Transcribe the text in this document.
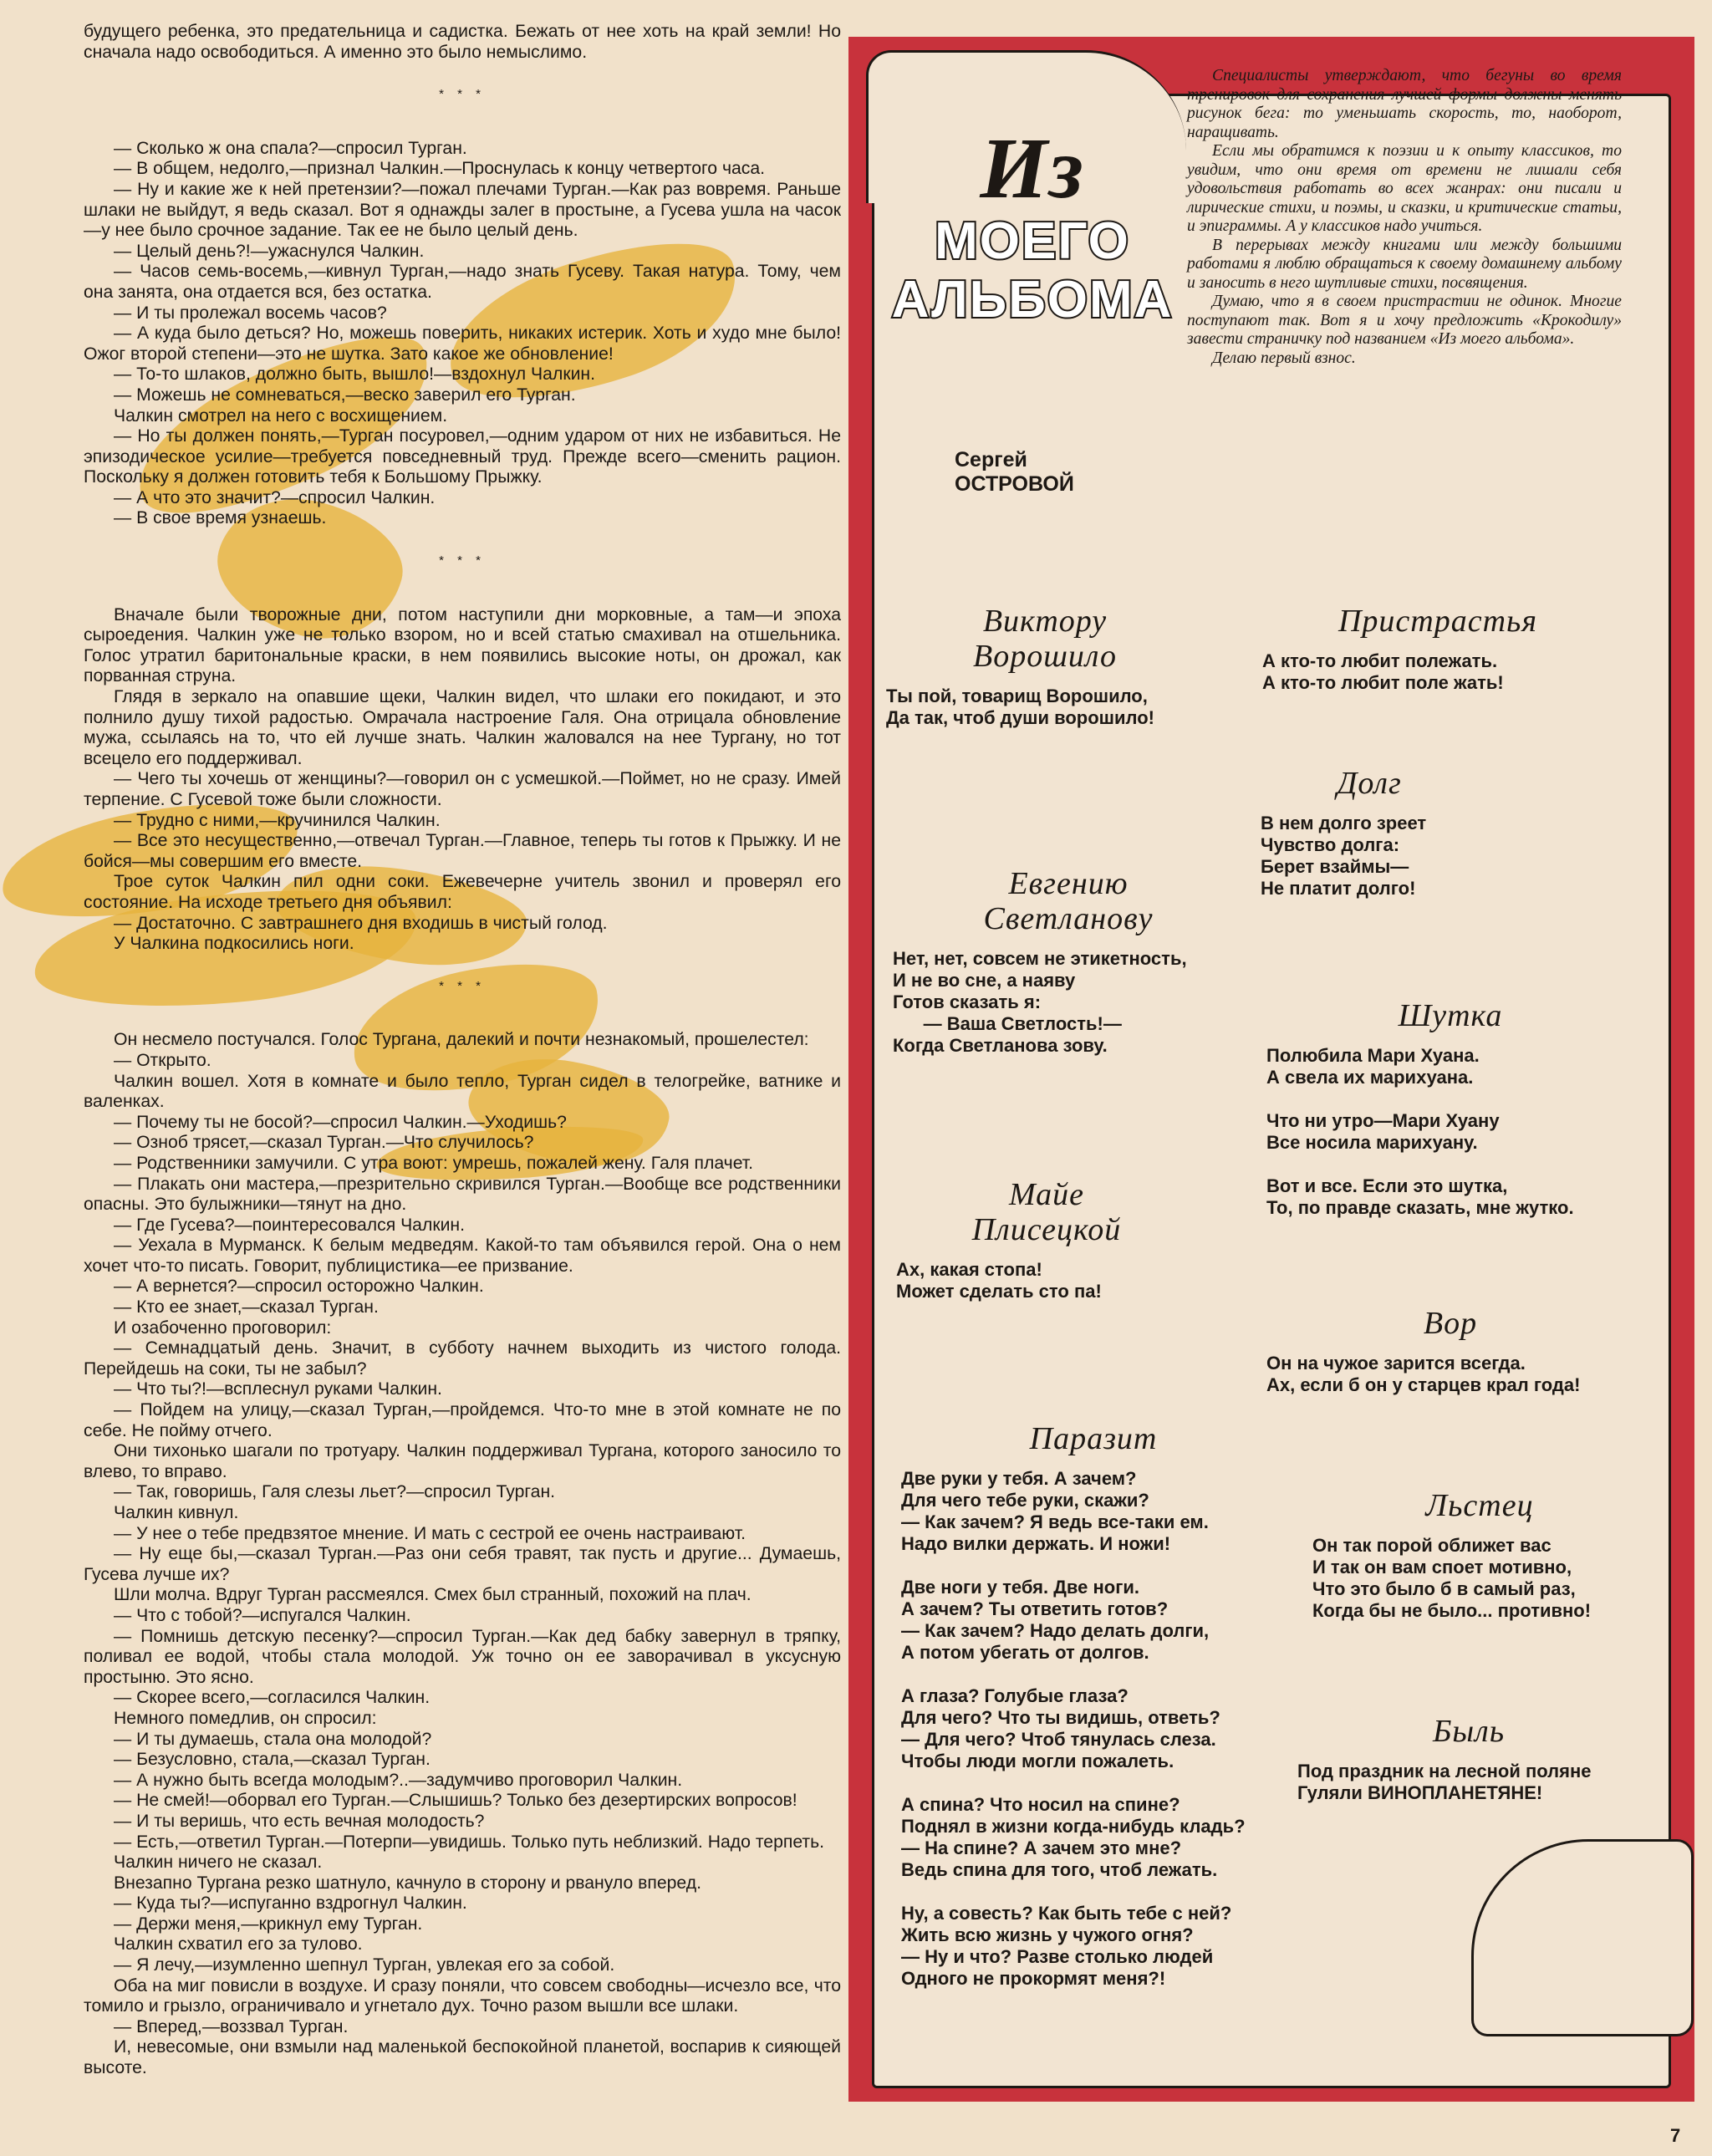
будущего ребенка, это предательница и садистка. Бежать от нее хоть на край земли! Но сначала надо освободиться. А именно это было немыслимо.

* * *

— Сколько ж она спала?—спросил Турган.

— В общем, недолго,—признал Чалкин.—Проснулась к концу четвертого часа.

— Ну и какие же к ней претензии?—пожал плечами Турган.—Как раз вовремя. Раньше шлаки не выйдут, я ведь сказал. Вот я однажды залег в простыне, а Гусева ушла на часок—у нее было срочное задание. Так ее не было целый день.

— Целый день?!—ужаснулся Чалкин.

— Часов семь-восемь,—кивнул Турган,—надо знать Гусеву. Такая натура. Тому, чем она занята, она отдается вся, без остатка.

— И ты пролежал восемь часов?

— А куда было деться? Но, можешь поверить, никаких истерик. Хоть и худо мне было! Ожог второй степени—это не шутка. Зато какое же обновление!

— То-то шлаков, должно быть, вышло!—вздохнул Чалкин.

— Можешь не сомневаться,—веско заверил его Турган.

Чалкин смотрел на него с восхищением.

— Но ты должен понять,—Турган посуровел,—одним ударом от них не избавиться. Не эпизодическое усилие—требуется повседневный труд. Прежде всего—сменить рацион. Поскольку я должен готовить тебя к Большому Прыжку.

— А что это значит?—спросил Чалкин.

— В свое время узнаешь.

* * *

Вначале были творожные дни, потом наступили дни морковные, а там—и эпоха сыроедения. Чалкин уже не только взором, но и всей статью смахивал на отшельника. Голос утратил баритональные краски, в нем появились высокие ноты, он дрожал, как порванная струна.

Глядя в зеркало на опавшие щеки, Чалкин видел, что шлаки его покидают, и это полнило душу тихой радостью. Омрачала настроение Галя. Она отрицала обновление мужа, ссылаясь на то, что ей лучше знать. Чалкин жаловался на нее Тургану, но тот всецело его поддерживал.

— Чего ты хочешь от женщины?—говорил он с усмешкой.—Поймет, но не сразу. Имей терпение. С Гусевой тоже были сложности.

— Трудно с ними,—кручинился Чалкин.

— Все это несущественно,—отвечал Турган.—Главное, теперь ты готов к Прыжку. И не бойся—мы совершим его вместе.

Трое суток Чалкин пил одни соки. Ежевечерне учитель звонил и проверял его состояние. На исходе третьего дня объявил:

— Достаточно. С завтрашнего дня входишь в чистый голод.

У Чалкина подкосились ноги.

* * *

Он несмело постучался. Голос Тургана, далекий и почти незнакомый, прошелестел:

— Открыто.

Чалкин вошел. Хотя в комнате и было тепло, Турган сидел в телогрейке, ватнике и валенках.

— Почему ты не босой?—спросил Чалкин.—Уходишь?

— Озноб трясет,—сказал Турган.—Что случилось?

— Родственники замучили. С утра воют: умрешь, пожалей жену. Галя плачет.

— Плакать они мастера,—презрительно скривился Турган.—Вообще все родственники опасны. Это булыжники—тянут на дно.

— Где Гусева?—поинтересовался Чалкин.

— Уехала в Мурманск. К белым медведям. Какой-то там объявился герой. Она о нем хочет что-то писать. Говорит, публицистика—ее призвание.

— А вернется?—спросил осторожно Чалкин.

— Кто ее знает,—сказал Турган.

И озабоченно проговорил:

— Семнадцатый день. Значит, в субботу начнем выходить из чистого голода. Перейдешь на соки, ты не забыл?

— Что ты?!—всплеснул руками Чалкин.

— Пойдем на улицу,—сказал Турган,—пройдемся. Что-то мне в этой комнате не по себе. Не пойму отчего.

Они тихонько шагали по тротуару. Чалкин поддерживал Тургана, которого заносило то влево, то вправо.

— Так, говоришь, Галя слезы льет?—спросил Турган.

Чалкин кивнул.

— У нее о тебе предвзятое мнение. И мать с сестрой ее очень настраивают.

— Ну еще бы,—сказал Турган.—Раз они себя травят, так пусть и другие... Думаешь, Гусева лучше их?

Шли молча. Вдруг Турган рассмеялся. Смех был странный, похожий на плач.

— Что с тобой?—испугался Чалкин.

— Помнишь детскую песенку?—спросил Турган.—Как дед бабку завернул в тряпку, поливал ее водой, чтобы стала молодой. Уж точно он ее заворачивал в уксусную простыню. Это ясно.

— Скорее всего,—согласился Чалкин.

Немного помедлив, он спросил:

— И ты думаешь, стала она молодой?

— Безусловно, стала,—сказал Турган.

— А нужно быть всегда молодым?..—задумчиво проговорил Чалкин.

— Не смей!—оборвал его Турган.—Слышишь? Только без дезертирских вопросов!

— И ты веришь, что есть вечная молодость?

— Есть,—ответил Турган.—Потерпи—увидишь. Только путь неблизкий. Надо терпеть.

Чалкин ничего не сказал.

Внезапно Тургана резко шатнуло, качнуло в сторону и рвануло вперед.

— Куда ты?—испуганно вздрогнул Чалкин.

— Держи меня,—крикнул ему Турган.

Чалкин схватил его за тулово.

— Я лечу,—изумленно шепнул Турган, увлекая его за собой.

Оба на миг повисли в воздухе. И сразу поняли, что совсем свободны—исчезло все, что томило и грызло, ограничивало и угнетало дух. Точно разом вышли все шлаки.

— Вперед,—воззвал Турган.

И, невесомые, они взмыли над маленькой беспокойной планетой, воспарив к сияющей высоте.

Из
МОЕГО
АЛЬБОМА
Сергей
ОСТРОВОЙ

Специалисты утверждают, что бегуны во время тренировок для сохранения лучшей формы должны менять рисунок бега: то уменьшать скорость, то, наоборот, наращивать.

Если мы обратимся к поэзии и к опыту классиков, то увидим, что они время от времени не лишали себя удовольствия работать во всех жанрах: они писали и лирические стихи, и поэмы, и сказки, и критические статьи, и эпиграммы. А у классиков надо учиться.

В перерывах между книгами или между большими работами я люблю обращаться к своему домашнему альбому и заносить в него шутливые стихи, посвящения.

Думаю, что я в своем пристрастии не одинок. Многие поступают так. Вот я и хочу предложить «Крокодилу» завести страничку под названием «Из моего альбома».

Делаю первый взнос.

Виктору
Ворошило
Ты пой, товарищ Ворошило,
Да так, чтоб души ворошило!
Евгению
Светланову
Нет, нет, совсем не этикетность,
И не во сне, а наяву
Готов сказать я:
— Ваша Светлость!—
Когда Светланова зову.
Майе
Плисецкой
Ах, какая стопа!
Может сделать сто па!
Паразит
Две руки у тебя. А зачем?
Для чего тебе руки, скажи?
— Как зачем? Я ведь все-таки ем.
Надо вилки держать. И ножи!
Две ноги у тебя. Две ноги.
А зачем? Ты ответить готов?
— Как зачем? Надо делать долги,
А потом убегать от долгов.
А глаза? Голубые глаза?
Для чего? Что ты видишь, ответь?
— Для чего? Чтоб тянулась слеза.
Чтобы люди могли пожалеть.
А спина? Что носил на спине?
Поднял в жизни когда-нибудь кладь?
— На спине? А зачем это мне?
Ведь спина для того, чтоб лежать.
Ну, а совесть? Как быть тебе с ней?
Жить всю жизнь у чужого огня?
— Ну и что? Разве столько людей
Одного не прокормят меня?!
Пристрастья
А кто-то любит полежать.
А кто-то любит поле жать!
Долг
В нем долго зреет
Чувство долга:
Берет взаймы—
Не платит долго!
Шутка
Полюбила Мари Хуана.
А свела их марихуана.
Что ни утро—Мари Хуану
Все носила марихуану.
Вот и все. Если это шутка,
То, по правде сказать, мне жутко.
Вор
Он на чужое зарится всегда.
Ах, если б он у старцев крал года!
Льстец
Он так порой оближет вас
И так он вам споет мотивно,
Что это было б в самый раз,
Когда бы не было... противно!
Быль
Под праздник на лесной поляне
Гуляли ВИНОПЛАНЕТЯНЕ!
7
